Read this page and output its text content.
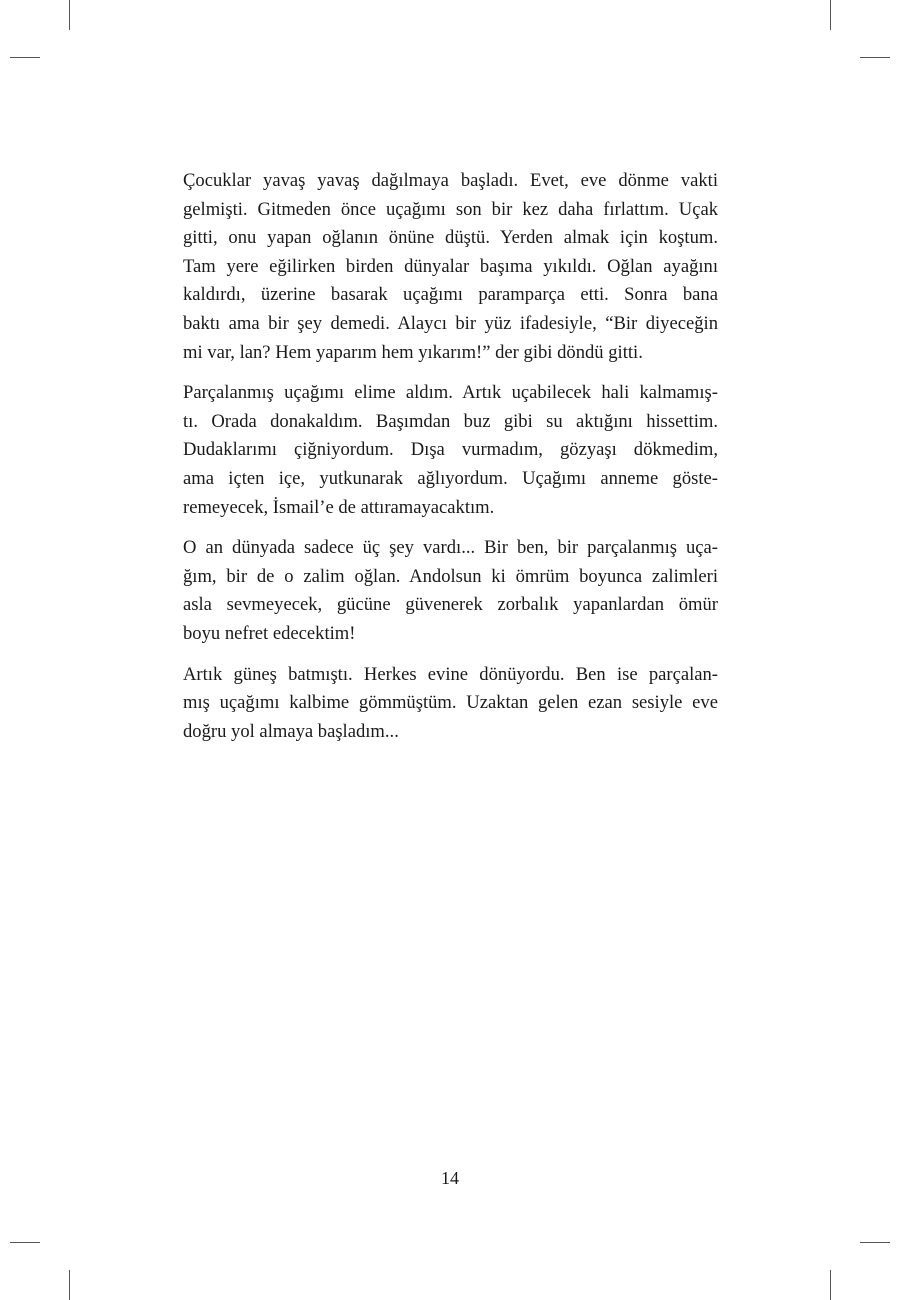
Çocuklar yavaş yavaş dağılmaya başladı. Evet, eve dönme vakti
gelmişti. Gitmeden önce uçağımı son bir kez daha fırlattım. Uçak
gitti, onu yapan oğlanın önüne düştü. Yerden almak için koştum.
Tam yere eğilirken birden dünyalar başıma yıkıldı. Oğlan ayağını
kaldırdı, üzerine basarak uçağımı paramparça etti. Sonra bana
baktı ama bir şey demedi. Alaycı bir yüz ifadesiyle, “Bir diyeceğin
mi var, lan? Hem yaparım hem yıkarım!” der gibi döndü gitti.

Parçalanmış uçağımı elime aldım. Artık uçabilecek hali kalmamış-
tı. Orada donakaldım. Başımdan buz gibi su aktığını hissettim.
Dudaklarımı çiğniyordum. Dışa vurmadım, gözyaşı dökmedim,
ama içten içe, yutkunarak ağlıyordum. Uçağımı anneme göste-
remeyecek, İsmail’e de attıramayacaktım.

O an dünyada sadece üç şey vardı... Bir ben, bir parçalanmış uça-
ğım, bir de o zalim oğlan. Andolsun ki ömrüm boyunca zalimleri
asla sevmeyecek, gücüne güvenerek zorbalık yapanlardan ömür
boyu nefret edecektim!

Artık güneş batmıştı. Herkes evine dönüyordu. Ben ise parçalan-
mış uçağımı kalbime gömmüştüm. Uzaktan gelen ezan sesiyle eve
doğru yol almaya başladım...

14
